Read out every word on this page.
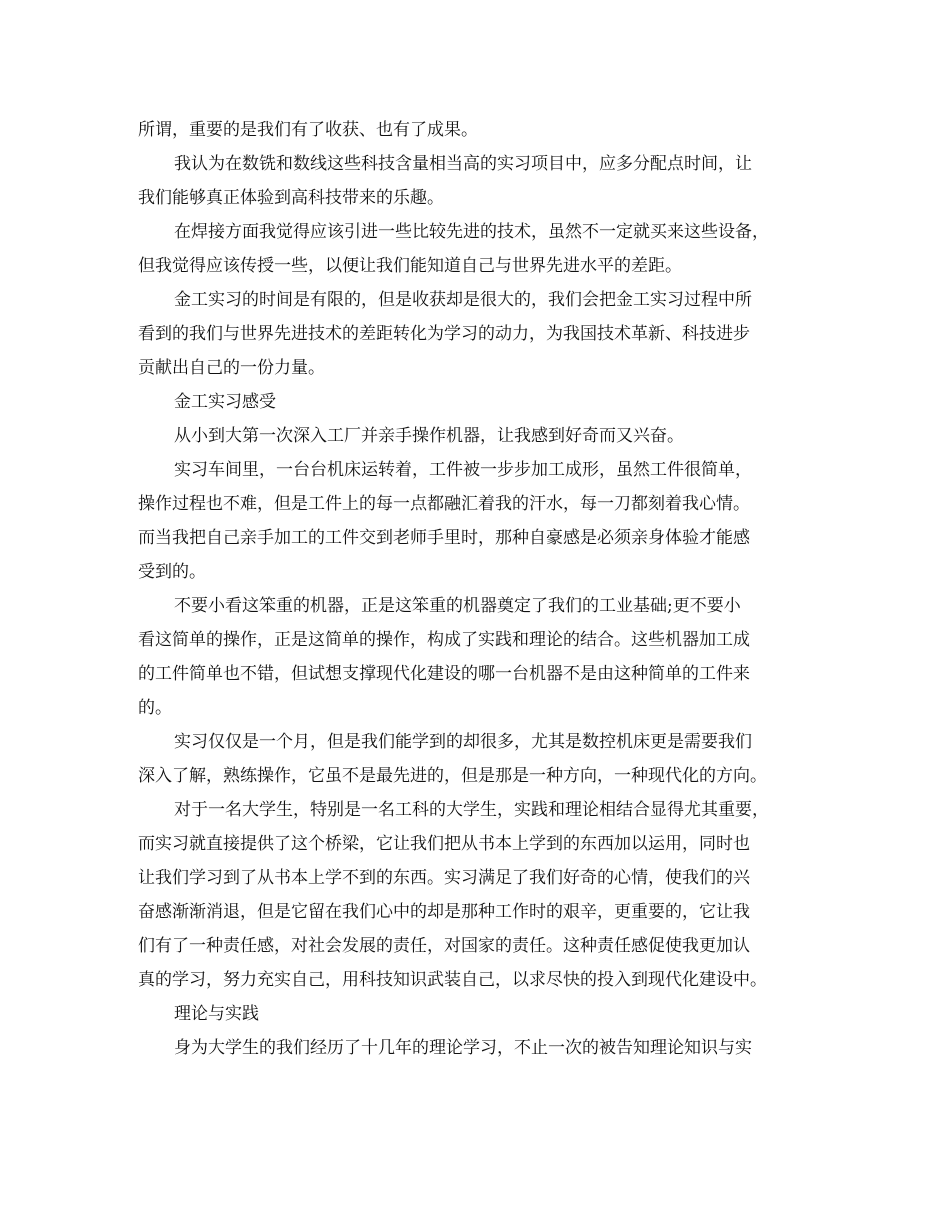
所谓，重要的是我们有了收获、也有了成果。
我认为在数铣和数线这些科技含量相当高的实习项目中，应多分配点时间，让
我们能够真正体验到高科技带来的乐趣。
在焊接方面我觉得应该引进一些比较先进的技术，虽然不一定就买来这些设备，
但我觉得应该传授一些，以便让我们能知道自己与世界先进水平的差距。
金工实习的时间是有限的，但是收获却是很大的，我们会把金工实习过程中所
看到的我们与世界先进技术的差距转化为学习的动力，为我国技术革新、科技进步
贡献出自己的一份力量。
金工实习感受
从小到大第一次深入工厂并亲手操作机器，让我感到好奇而又兴奋。
实习车间里，一台台机床运转着，工件被一步步加工成形，虽然工件很简单，
操作过程也不难，但是工件上的每一点都融汇着我的汗水，每一刀都刻着我心情。
而当我把自己亲手加工的工件交到老师手里时，那种自豪感是必须亲身体验才能感
受到的。
不要小看这笨重的机器，正是这笨重的机器奠定了我们的工业基础;更不要小
看这简单的操作，正是这简单的操作，构成了实践和理论的结合。这些机器加工成
的工件简单也不错，但试想支撑现代化建设的哪一台机器不是由这种简单的工件来
的。
实习仅仅是一个月，但是我们能学到的却很多，尤其是数控机床更是需要我们
深入了解，熟练操作，它虽不是最先进的，但是那是一种方向，一种现代化的方向。
对于一名大学生，特别是一名工科的大学生，实践和理论相结合显得尤其重要，
而实习就直接提供了这个桥梁，它让我们把从书本上学到的东西加以运用，同时也
让我们学习到了从书本上学不到的东西。实习满足了我们好奇的心情，使我们的兴
奋感渐渐消退，但是它留在我们心中的却是那种工作时的艰辛，更重要的，它让我
们有了一种责任感，对社会发展的责任，对国家的责任。这种责任感促使我更加认
真的学习，努力充实自己，用科技知识武装自己，以求尽快的投入到现代化建设中。
理论与实践
身为大学生的我们经历了十几年的理论学习，不止一次的被告知理论知识与实
